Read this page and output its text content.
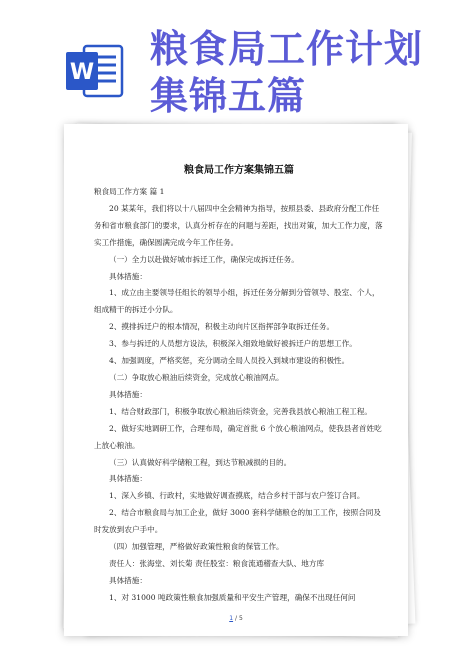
W
粮食局工作计划集锦五篇
粮食局工作方案集锦五篇

粮食局工作方案 篇 1

20 某某年，我们将以十八届四中全会精神为指导，按照县委、县政府分配工作任务和省市粮食部门的要求，认真分析存在的问题与差距，找出对策，加大工作力度，落实工作措施，确保圆满完成今年工作任务。

（一）全力以赴做好城市拆迁工作，确保完成拆迁任务。

具体措施：

1、成立由主要领导任组长的领导小组，拆迁任务分解到分管领导、股室、个人，组成精干的拆迁小分队。

2、摸排拆迁户的根本情况，积极主动向片区指挥部争取拆迁任务。

3、参与拆迁的人员想方设法，积极深入细致地做好被拆迁户的思想工作。

4、加强调度，严格奖惩，充分调动全局人员投入到城市建设的积极性。

（二）争取放心粮油后续资金，完成放心粮油网点。

具体措施：

1、结合财政部门，积极争取放心粮油后续资金，完善我县放心粮油工程工程。

2、做好实地调研工作，合理布局，确定首批 6 个放心粮油网点，使我县者首姓吃上放心粮油。

（三）认真做好科学储粮工程，到达节粮减损的目的。

具体措施：

1、深入乡镇、行政村，实地做好调查摸底，结合乡村干部与农户签订合同。

2、结合市粮食局与加工企业，做好 3000 套科学储粮仓的加工工作，按照合同及时发放到农户手中。

（四）加强管理，严格做好政策性粮食的保管工作。

责任人：张海堂、刘长菊 责任股室：粮食流通稽查大队、地方库

具体措施：

1、对 31000 吨政策性粮食加强质量和平安生产管理，确保不出现任何问

1 / 5
